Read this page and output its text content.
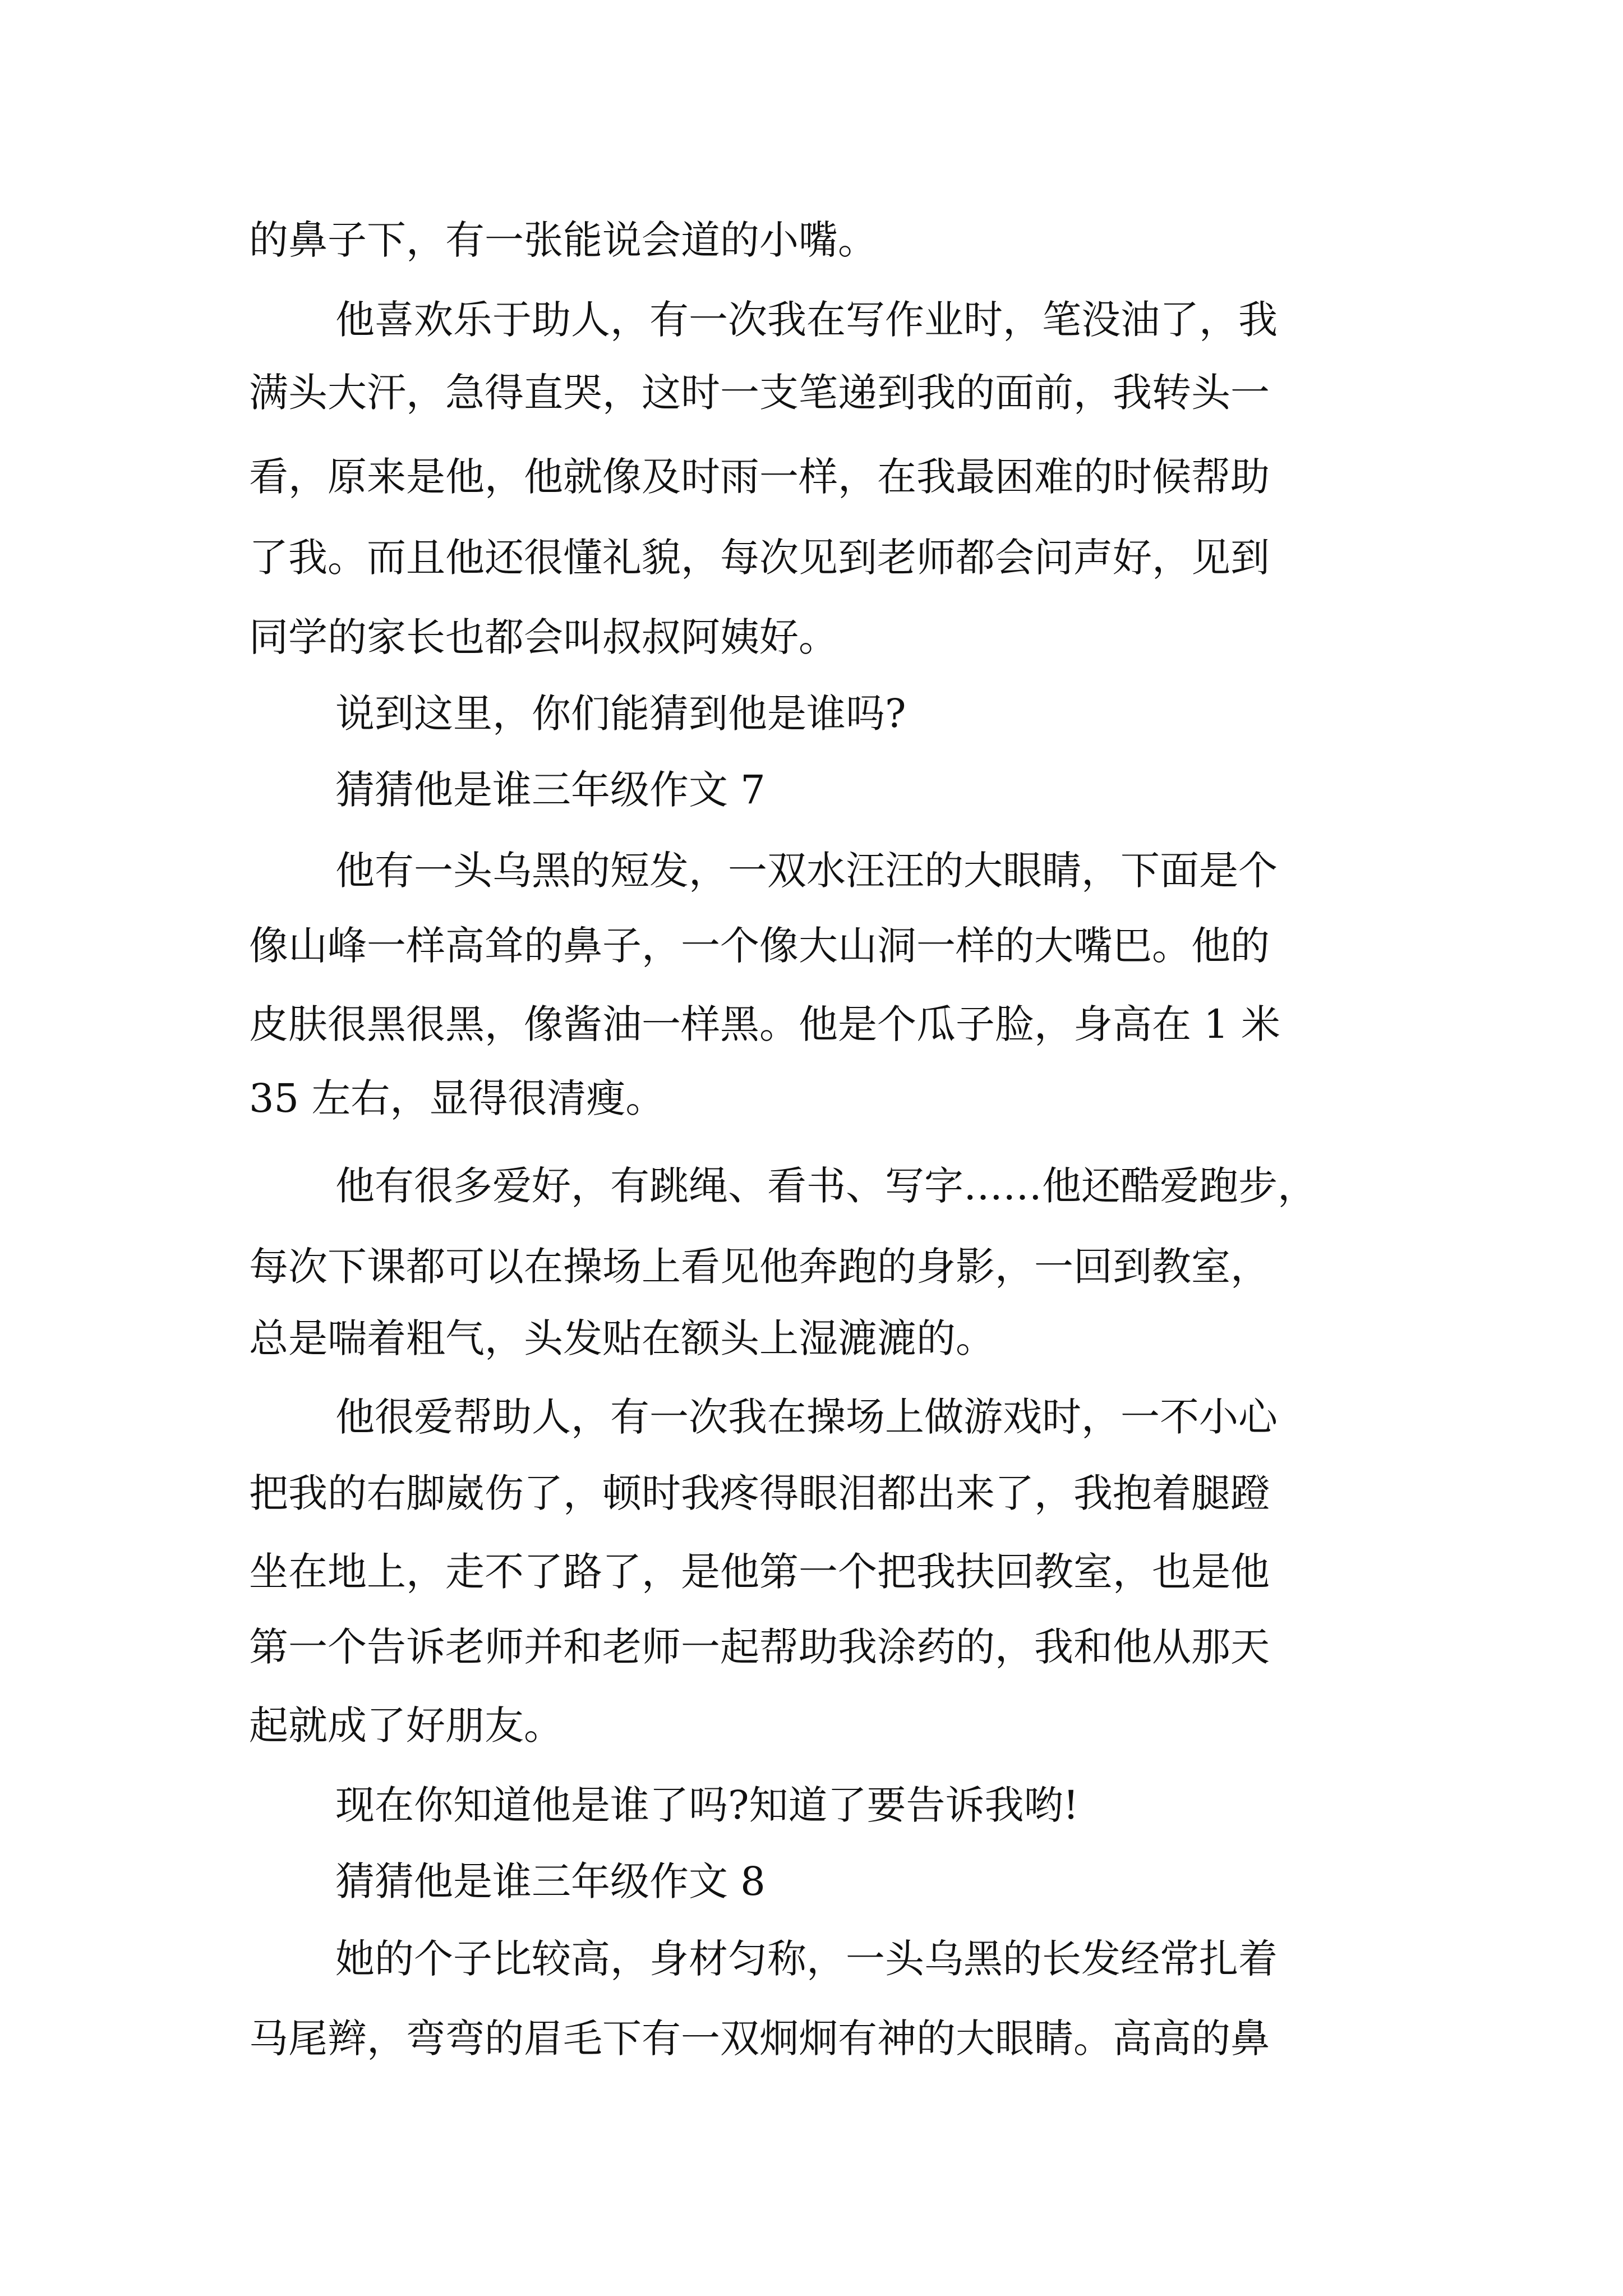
的鼻子下，有一张能说会道的小嘴。
他喜欢乐于助人，有一次我在写作业时，笔没油了，我
满头大汗，急得直哭，这时一支笔递到我的面前，我转头一
看，原来是他，他就像及时雨一样，在我最困难的时候帮助
了我。而且他还很懂礼貌，每次见到老师都会问声好，见到
同学的家长也都会叫叔叔阿姨好。
说到这里，你们能猜到他是谁吗?
猜猜他是谁三年级作文 7
他有一头乌黑的短发，一双水汪汪的大眼睛，下面是个
像山峰一样高耸的鼻子，一个像大山洞一样的大嘴巴。他的
皮肤很黑很黑，像酱油一样黑。他是个瓜子脸，身高在 1 米
35 左右，显得很清瘦。
他有很多爱好，有跳绳、看书、写字……他还酷爱跑步，
每次下课都可以在操场上看见他奔跑的身影，一回到教室，
总是喘着粗气，头发贴在额头上湿漉漉的。
他很爱帮助人，有一次我在操场上做游戏时，一不小心
把我的右脚崴伤了，顿时我疼得眼泪都出来了，我抱着腿蹬
坐在地上，走不了路了，是他第一个把我扶回教室，也是他
第一个告诉老师并和老师一起帮助我涂药的，我和他从那天
起就成了好朋友。
现在你知道他是谁了吗?知道了要告诉我哟!
猜猜他是谁三年级作文 8
她的个子比较高，身材匀称，一头乌黑的长发经常扎着
马尾辫，弯弯的眉毛下有一双炯炯有神的大眼睛。高高的鼻
